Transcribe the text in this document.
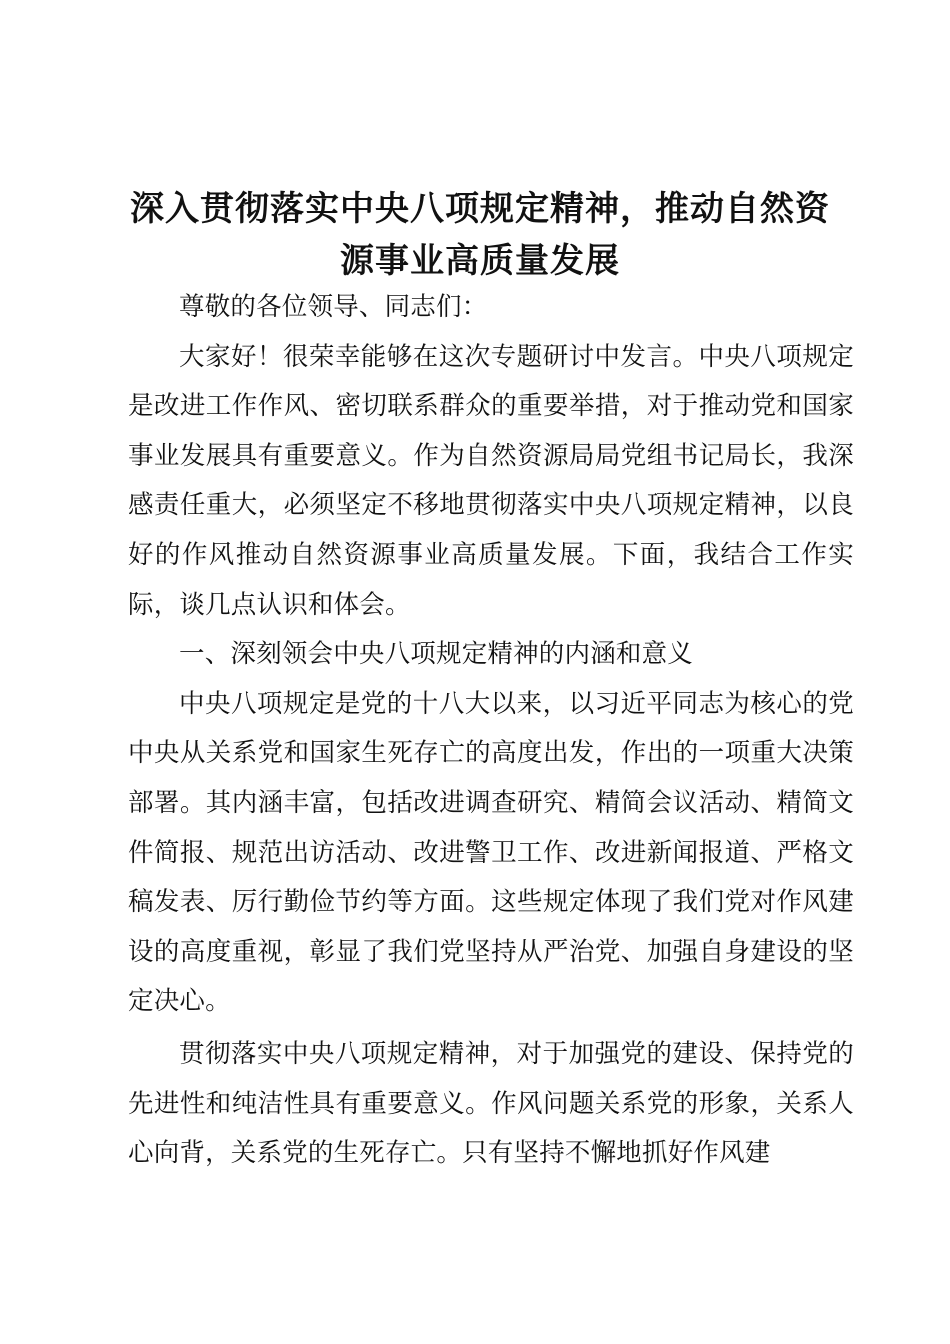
深入贯彻落实中央八项规定精神，推动自然资
源事业高质量发展

尊敬的各位领导、同志们：

大家好！很荣幸能够在这次专题研讨中发言。中央八项规定是改进工作作风、密切联系群众的重要举措，对于推动党和国家事业发展具有重要意义。作为自然资源局局党组书记局长，我深感责任重大，必须坚定不移地贯彻落实中央八项规定精神，以良好的作风推动自然资源事业高质量发展。下面，我结合工作实际，谈几点认识和体会。

一、深刻领会中央八项规定精神的内涵和意义

中央八项规定是党的十八大以来，以习近平同志为核心的党中央从关系党和国家生死存亡的高度出发，作出的一项重大决策部署。其内涵丰富，包括改进调查研究、精简会议活动、精简文件简报、规范出访活动、改进警卫工作、改进新闻报道、严格文稿发表、厉行勤俭节约等方面。这些规定体现了我们党对作风建设的高度重视，彰显了我们党坚持从严治党、加强自身建设的坚定决心。

贯彻落实中央八项规定精神，对于加强党的建设、保持党的先进性和纯洁性具有重要意义。作风问题关系党的形象，关系人心向背，关系党的生死存亡。只有坚持不懈地抓好作风建
